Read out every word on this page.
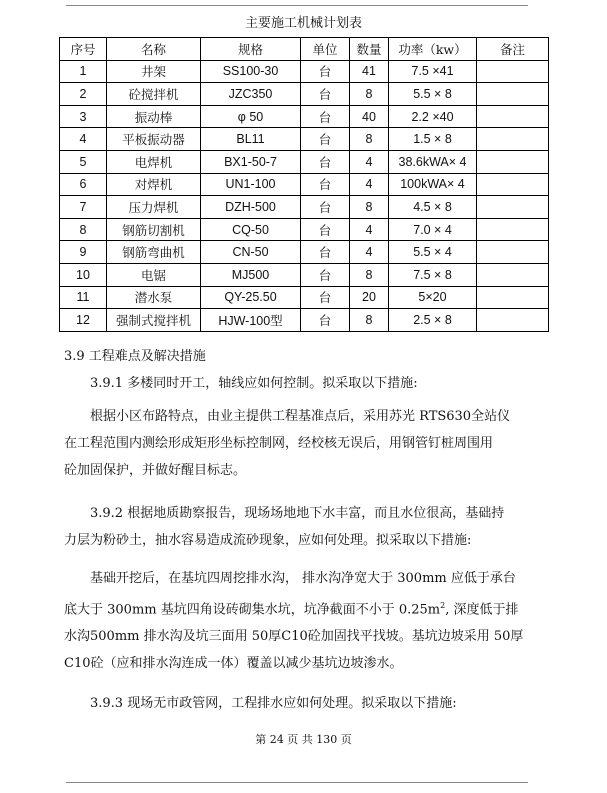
主要施工机械计划表
序号	名称	规格	单位	数量	功率（kw）	备注
1	井架	SS100-30	台	41	7.5 ×41	
2	砼搅拌机	JZC350	台	8	5.5 × 8	
3	振动棒	φ 50	台	40	2.2 ×40	
4	平板振动器	BL11	台	8	1.5 × 8	
5	电焊机	BX1-50-7	台	4	38.6kWA× 4	
6	对焊机	UN1-100	台	4	100kWA× 4	
7	压力焊机	DZH-500	台	8	4.5 × 8	
8	钢筋切割机	CQ-50	台	4	7.0 × 4	
9	钢筋弯曲机	CN-50	台	4	5.5 × 4	
10	电锯	MJ500	台	8	7.5 × 8	
11	潜水泵	QY-25.50	台	20	5×20	
12	强制式搅拌机	HJW-100型	台	8	2.5 × 8	
3.9 工程难点及解决措施
3.9.1 多楼同时开工，轴线应如何控制。拟采取以下措施:
根据小区布路特点，由业主提供工程基准点后，采用苏光 RTS630全站仪
在工程范围内测绘形成矩形坐标控制网，经校核无误后，用钢管钉桩周围用
砼加固保护，并做好醒目标志。
3.9.2 根据地质勘察报告，现场场地地下水丰富，而且水位很高，基础持
力层为粉砂土，抽水容易造成流砂现象，应如何处理。拟采取以下措施:
基础开挖后，在基坑四周挖排水沟， 排水沟净宽大于 300mm 应低于承台
底大于 300mm 基坑四角设砖砌集水坑，坑净截面不小于 $0.25m^2$, 深度低于排
水沟500mm 排水沟及坑三面用 50厚C10砼加固找平找坡。基坑边坡采用 50厚
C10砼（应和排水沟连成一体）覆盖以减少基坑边坡渗水。
3.9.3 现场无市政管网，工程排水应如何处理。拟采取以下措施:
第 24 页 共 130 页
